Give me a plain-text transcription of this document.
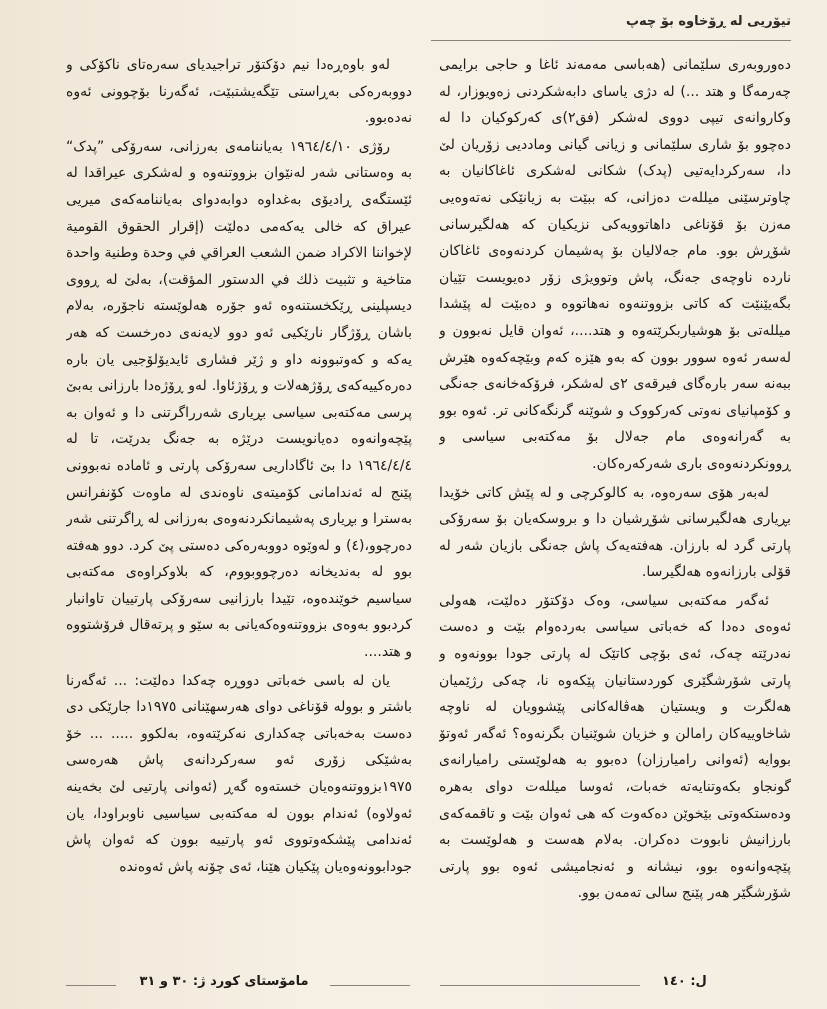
تیۆریی لە ڕۆخاوە بۆ چەپ

دەوروبەری سلێمانی (هەباسی مەمەند ئاغا و حاجی برایمی چەرمەگا و هتد ...) لە دژی یاسای دابەشکردنی زەویوزار، لە وکاروانەی تیپی دووی لەشکر (فق٢)ی کەرکوکیان دا لە دەچوو بۆ شاری سلێمانی و زیانی گیانی ومادديی زۆریان لێ دا، سەرکردایەتیی (پدک) شکانی لەشکری ئاغاکانیان بە چاوترسێنی میللەت دەزانی، کە ببێت بە زیانێکی نەتەوەیی مەزن بۆ قۆناغی داهاتوویەکی نزیکیان کە هەلگیرسانی شۆڕش بوو. مام جەلالیان بۆ پەشیمان کردنەوەی ئاغاکان ناردە ناوچەی جەنگ، پاش وتوویژی زۆر دەیویست تێیان بگەیێنێت کە کاتی بزووتنەوە نەهاتووە و دەبێت لە پێشدا میللەتی بۆ هوشیاربکرێتەوە و هتد....، ئەوان قایل نەبوون و لەسەر ئەوە سوور بوون کە بەو هێزە کەم وبێچەکەوە هێرش ببەنە سەر بارەگای فیرقەی ٢ی لەشکر، فرۆکەخانەی جەنگی و کۆمپانیای نەوتی کەرکووک و شوێنە گرنگەکانی تر. ئەوە بوو بە گەرانەوەی مام جەلال بۆ مەکتەبی سیاسی و ڕوونکردنەوەی باری شەرکەرەکان.

لەبەر هۆی سەرەوە، بە کالوکرچی و لە پێش کاتی خۆیدا بڕیاری هەلگیرسانی شۆڕشیان دا و بروسکەیان بۆ سەرۆکی پارتی گرد لە بارزان. هەفتەیەک پاش جەنگی بازیان شەر لە قۆلی بارزانەوە هەلگیرسا.

ئەگەر مەکتەبی سیاسی، وەک دۆکتۆر دەلێت، هەولی ئەوەی دەدا کە خەباتی سیاسی بەردەوام بێت و دەست نەدرێتە چەک، ئەی بۆچی کاتێک لە پارتی جودا بوونەوە و پارتی شۆرشگێری کوردستانیان پێکەوە نا، چەکی رژێمیان هەلگرت و ویستیان هەڤالەکانی پێشوویان لە ناوچە شاخاوییەکان رامالن و خزیان شوێنیان بگرنەوە؟ ئەگەر ئەوتۆ بووایە (ئەوانی رامیارزان) دەبوو بە هەلوێستی رامیارانەی گونجاو بکەوتنایەتە خەبات، ئەوسا میللەت دوای بەهرە ودەستکەوتی بێخوێن دەکەوت کە هی ئەوان بێت و تاقمەکەی بارزانیش نابووت دەکران. بەلام هەست و هەلوێست بە پێچەوانەوە بوو، نیشانە و ئەنجامیشی ئەوە بوو پارتی شۆرشگێر هەر پێنج سالی تەمەن بوو.

لەو باوەڕەدا نیم دۆکتۆر تراجیدیای سەرەتای ناکۆکی و دووبەرەکی بەڕاستی تێگەیشتبێت، ئەگەرنا بۆچوونی ئەوە نەدەبوو.

رۆژی ١٩٦٤/٤/١٠ بەیاننامەی بەرزانی، سەرۆکی ”پدک“ بە وەستانی شەر لەنێوان بزووتنەوە و لەشکری عیراقدا لە ئێستگەی ڕادیۆی بەغداوە دوابەدوای بەیاننامەکەی میریی عیراق کە خالی یەکەمی دەلێت (إقرار الحقوق القومية لإخواننا الاكراد ضمن الشعب العراقي في وحدة وطنية واحدة متاخية و تثبيت ذلك في الدستور المؤقت)، بەلێ لە ڕووی دیسپلینی ڕێکخستنەوە ئەو جۆرە هەلوێستە ناجۆرە، بەلام باشان ڕۆژگار نارێکیی ئەو دوو لایەنەی دەرخست کە هەر یەکە و کەوتبوونە داو و ژێر فشاری ئایدیۆلۆجیی یان بارە دەرەکییەکەی ڕۆژهەلات و ڕۆژئاوا. لەو ڕۆژەدا بارزانی بەبێ پرسی مەکتەبی سیاسی بڕیاری شەرراگرتنی دا و ئەوان بە پێچەوانەوە دەیانویست درێژە بە جەنگ بدرێت، تا لە ١٩٦٤/٤/٤ دا بێ ئاگاداریی سەرۆکی پارتی و ئامادە نەبوونی پێنج لە ئەندامانی کۆمیتەی ناوەندی لە ماوەت کۆنفرانس بەسترا و بڕیاری پەشیمانکردنەوەی بەرزانی لە ڕاگرتنی شەر دەرچوو،(٤) و لەوێوە دووبەرەکی دەستی پێ کرد. دوو هەفتە بوو لە بەندیخانە دەرچووبووم، کە بلاوکراوەی مەکتەبی سیاسیم خوێندەوە، تێیدا بارزانیی سەرۆکی پارتییان تاوانبار کردبوو بەوەی بزووتنەوەکەیانی بە سێو و پرتەقال فرۆشتووە و هتد....

یان لە باسی خەباتی دووڕە چەکدا دەلێت: ... ئەگەرنا باشتر و بوولە قۆناغی دوای هەرسهێنانی ١٩٧٥دا جارێکی دی دەست بەخەباتی چەکداری نەکرێتەوە، بەلکوو ..... ... خۆ بەشێکی زۆری ئەو سەرکردانەی پاش هەرەسی ١٩٧٥بزووتنەوەیان خستەوە گەڕ (ئەوانی پارتیی لێ بخەینە ئەولاوە) ئەندام بوون لە مەکتەبی سیاسیی ناوبراودا، یان ئەندامی پێشکەوتووی ئەو پارتییە بوون کە ئەوان پاش جودابوونەوەیان پێکیان هێنا، ئەی چۆنە پاش ئەوەندە

ل: ١٤٠
مامۆستای کورد ژ: ٣٠ و ٣١
